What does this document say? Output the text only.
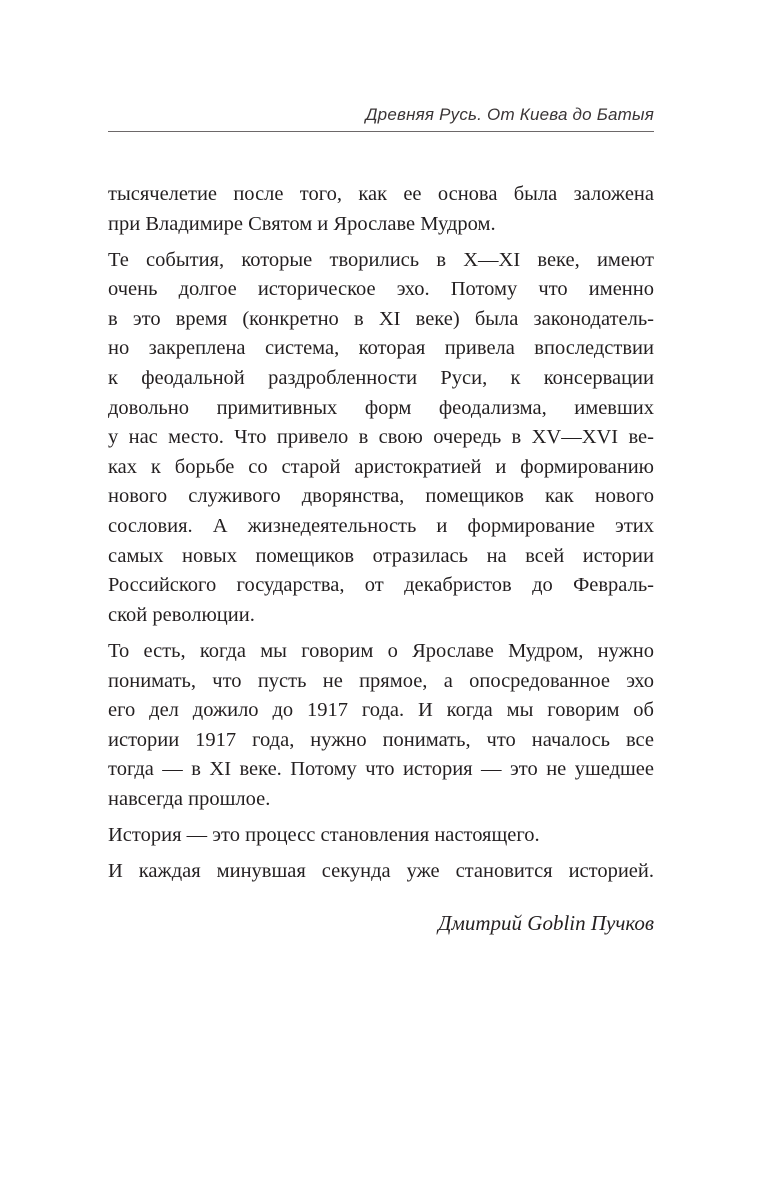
Древняя Русь. От Киева до Батыя

тысячелетие после того, как ее основа была заложена
при Владимире Святом и Ярославе Мудром.

Те события, которые творились в X—XI веке, имеют
очень долгое историческое эхо. Потому что именно
в это время (конкретно в XI веке) была законодатель-
но закреплена система, которая привела впоследствии
к феодальной раздробленности Руси, к консервации
довольно примитивных форм феодализма, имевших
у нас место. Что привело в свою очередь в XV—XVI ве-
ках к борьбе со старой аристократией и формированию
нового служивого дворянства, помещиков как нового
сословия. А жизнедеятельность и формирование этих
самых новых помещиков отразилась на всей истории
Российского государства, от декабристов до Февраль-
ской революции.

То есть, когда мы говорим о Ярославе Мудром, нужно
понимать, что пусть не прямое, а опосредованное эхо
его дел дожило до 1917 года. И когда мы говорим об
истории 1917 года, нужно понимать, что началось все
тогда — в XI веке. Потому что история — это не ушедшее
навсегда прошлое.

История — это процесс становления настоящего.

И каждая минувшая секунда уже становится историей.

Дмитрий Goblin Пучков
